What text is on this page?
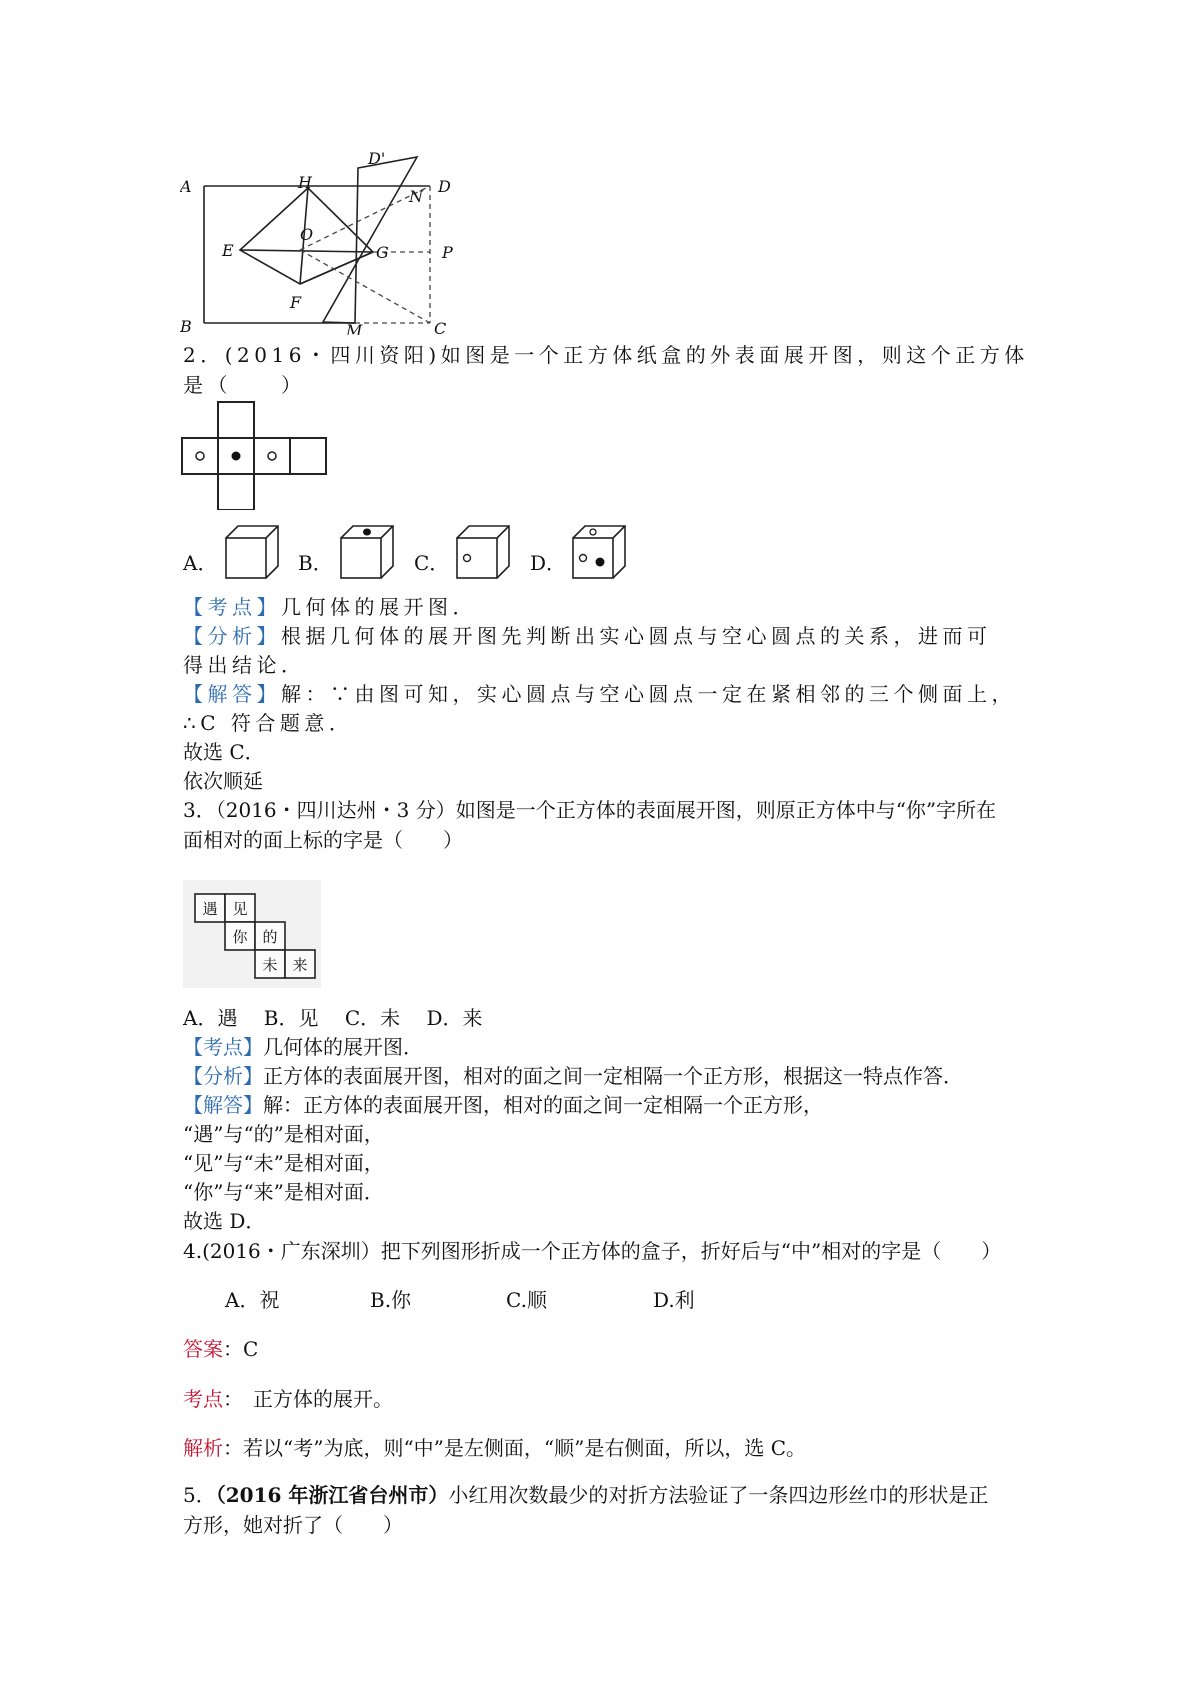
A
B	C
D
D'
H
O
E
F
G	P
N
M
2．(2016・四川资阳)如图是一个正方体纸盒的外表面展开图，则这个正方体
是（　　）
A．	B．	C．	D．
【考点】几何体的展开图．
【分析】根据几何体的展开图先判断出实心圆点与空心圆点的关系，进而可
得出结论．
【解答】解：∵由图可知，实心圆点与空心圆点一定在紧相邻的三个侧面上，
∴C 符合题意．
故选 C．
依次顺延
3．（2016・四川达州・3 分）如图是一个正方体的表面展开图，则原正方体中与“你”字所在
面相对的面上标的字是（　　）
遇 见
你 的
未 来
A．遇　 B．见　 C．未　 D．来
【考点】几何体的展开图．
【分析】正方体的表面展开图，相对的面之间一定相隔一个正方形，根据这一特点作答．
【解答】解：正方体的表面展开图，相对的面之间一定相隔一个正方形，
“遇”与“的”是相对面，
“见”与“未”是相对面，
“你”与“来”是相对面．
故选 D．
4.(2016・广东深圳）把下列图形折成一个正方体的盒子，折好后与“中”相对的字是（　　）
A．祝	B.你	C.顺	D.利
答案：C
考点：　正方体的展开。
解析：若以“考”为底，则“中”是左侧面，“顺”是右侧面，所以，选 C。
5．（2016 年浙江省台州市）小红用次数最少的对折方法验证了一条四边形丝巾的形状是正
方形，她对折了（　　）
